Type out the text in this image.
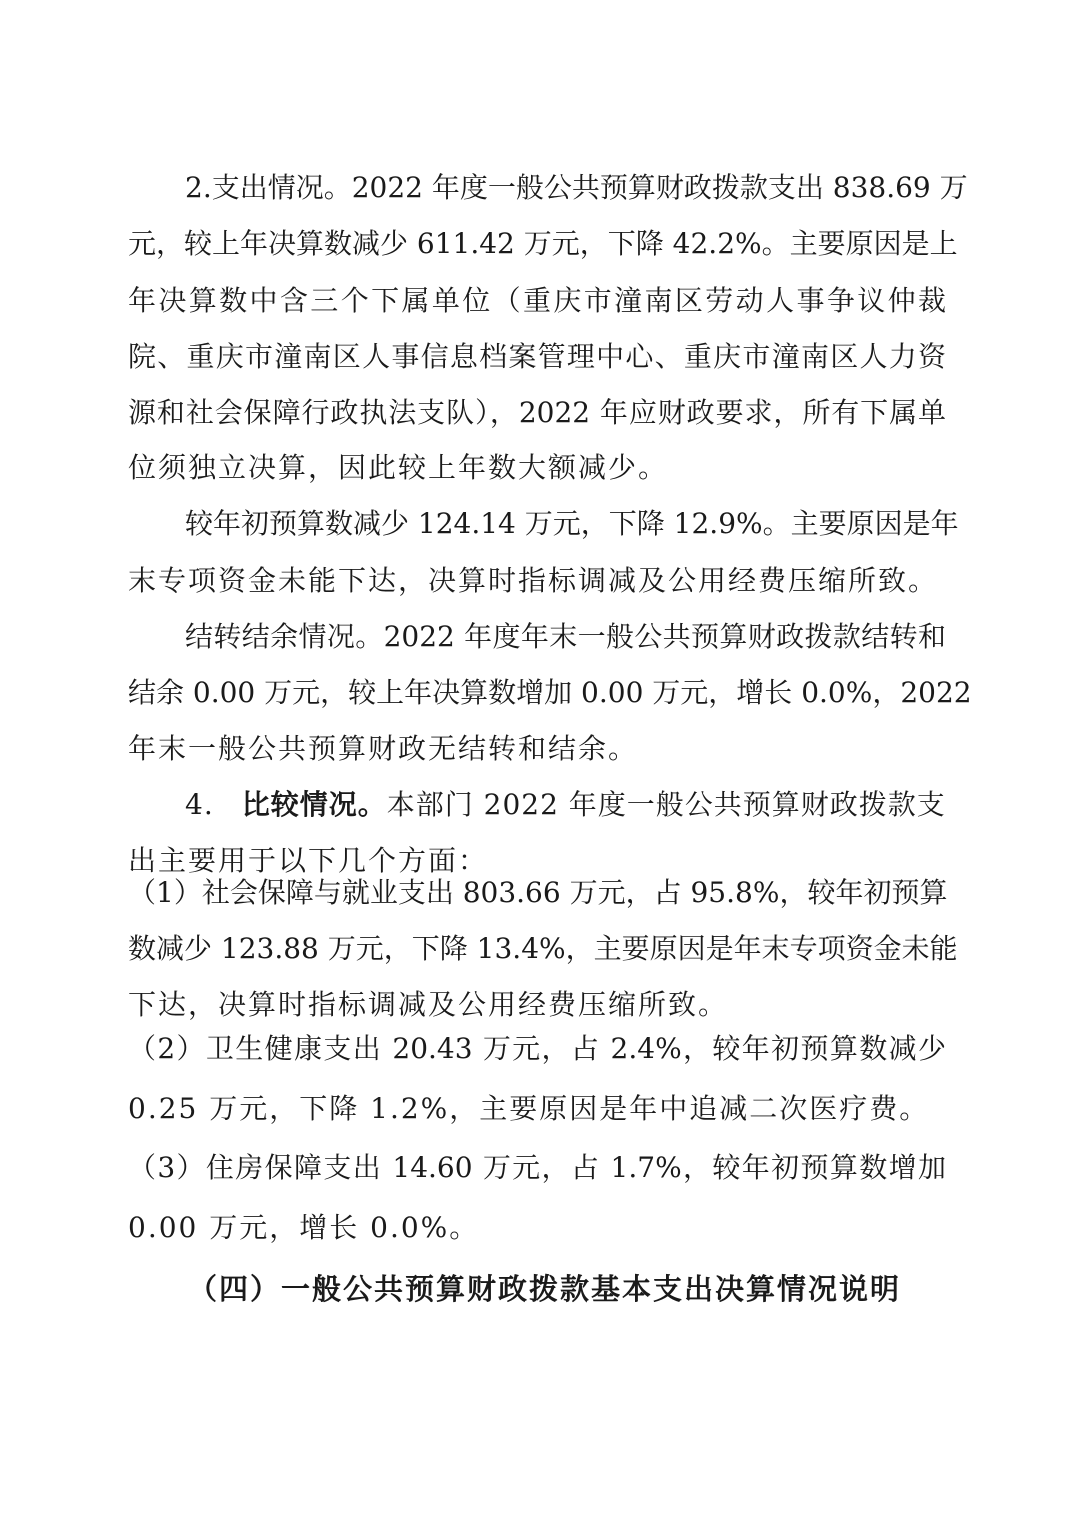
2.支出情况。2022 年度一般公共预算财政拨款支出 838.69 万
元，较上年决算数减少 611.42 万元，下降 42.2%。主要原因是上
年决算数中含三个下属单位（重庆市潼南区劳动人事争议仲裁
院、重庆市潼南区人事信息档案管理中心、重庆市潼南区人力资
源和社会保障行政执法支队），2022 年应财政要求，所有下属单
位须独立决算，因此较上年数大额减少。
较年初预算数减少 124.14 万元，下降 12.9%。主要原因是年
末专项资金未能下达，决算时指标调减及公用经费压缩所致。
结转结余情况。2022 年度年末一般公共预算财政拨款结转和
结余 0.00 万元，较上年决算数增加 0.00 万元，增长 0.0%，2022
年末一般公共预算财政无结转和结余。
4. 比较情况。本部门 2022 年度一般公共预算财政拨款支
出主要用于以下几个方面：
（1）社会保障与就业支出 803.66 万元，占 95.8%，较年初预算
数减少 123.88 万元，下降 13.4%，主要原因是年末专项资金未能
下达，决算时指标调减及公用经费压缩所致。
（2）卫生健康支出 20.43 万元，占 2.4%，较年初预算数减少
0.25 万元，下降 1.2%，主要原因是年中追减二次医疗费。
（3）住房保障支出 14.60 万元，占 1.7%，较年初预算数增加
0.00 万元，增长 0.0%。
（四）一般公共预算财政拨款基本支出决算情况说明
